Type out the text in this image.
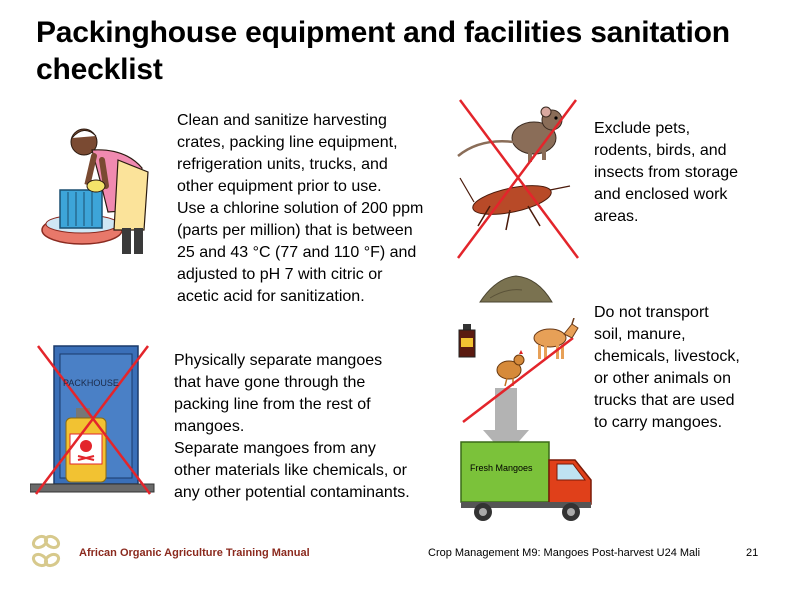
Packinghouse equipment and facilities sanitation checklist

Clean and sanitize harvesting

crates, packing line equipment,

refrigeration units, trucks, and

other equipment prior to use.

Use a chlorine solution of 200 ppm

(parts per million) that is between

25 and 43 °C (77 and 110 °F) and

adjusted to pH 7 with citric or

acetic acid for sanitization.

Exclude pets,

rodents, birds, and

insects from storage

and enclosed work

areas.

Do not transport

soil, manure,

chemicals, livestock,

or other animals on

trucks that are used

to carry mangoes.

Physically separate mangoes

that have gone through the

packing line from the rest of

mangoes.

Separate mangoes from any

other materials like chemicals, or

any other potential contaminants.

Fresh Mangoes
PACKHOUSE
African Organic Agriculture Training Manual	Crop Management M9: Mangoes Post-harvest U24 Mali	21
